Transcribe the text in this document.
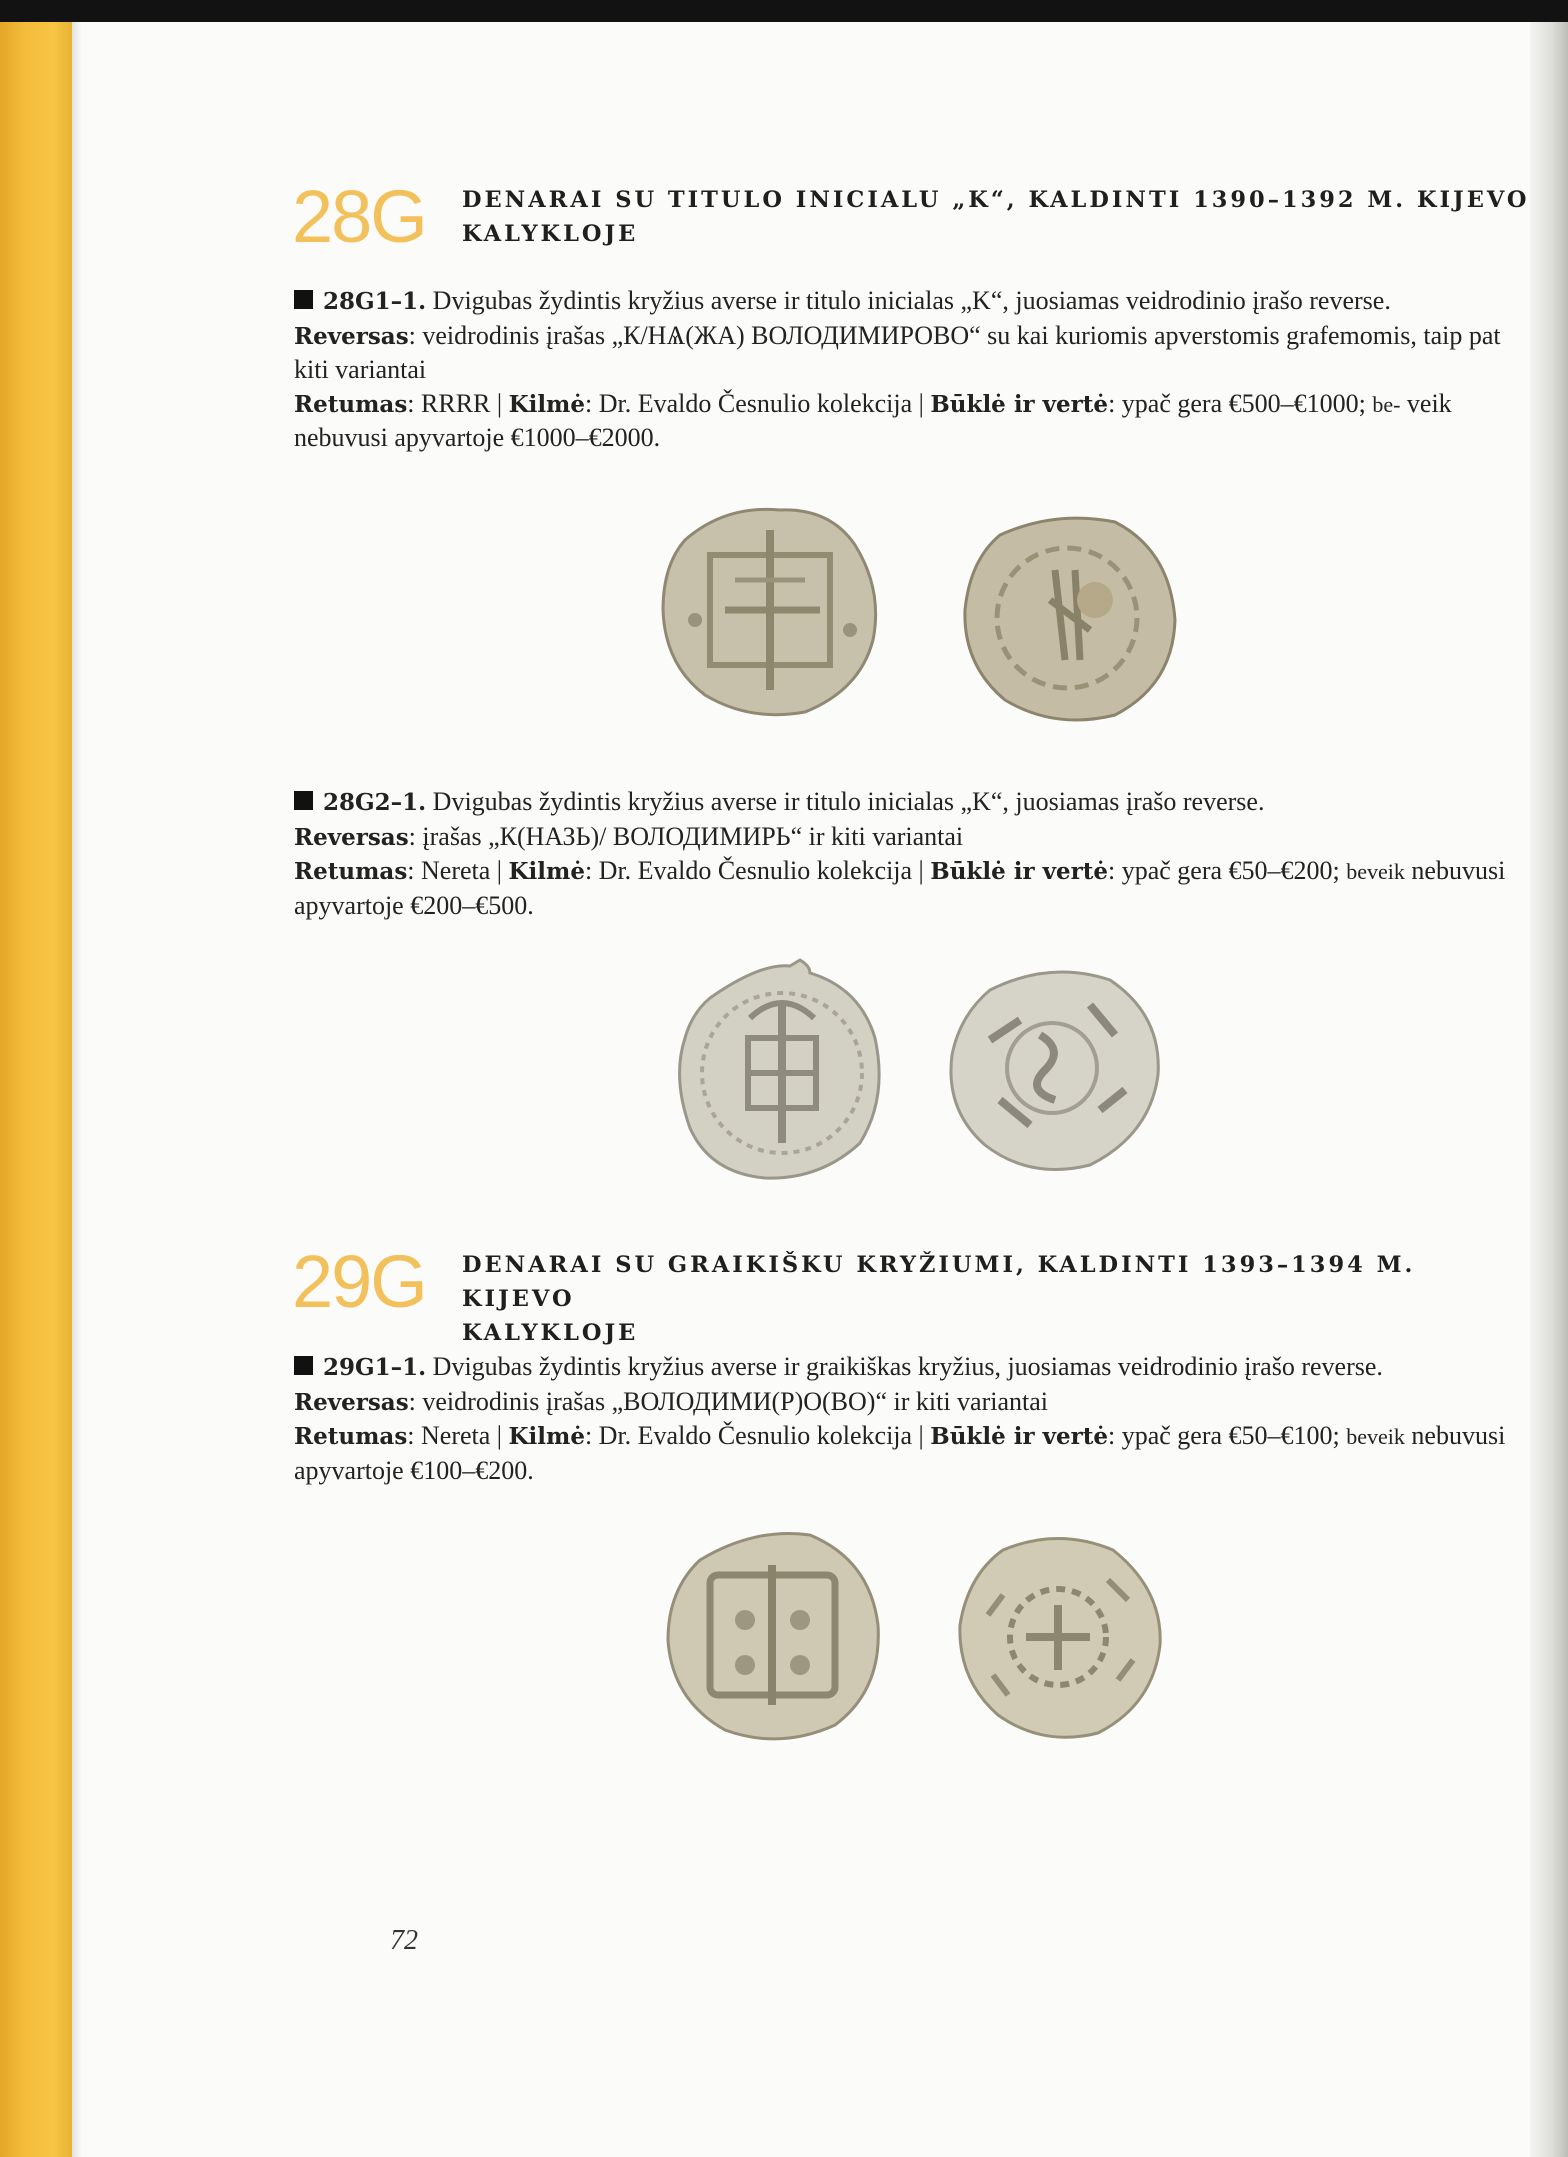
28G DENARAI SU TITULO INICIALU „K“, KALDINTI 1390–1392 M. KIJEVO
KALYKLOJE
28G1–1. Dvigubas žydintis kryžius averse ir titulo inicialas „K“, juosiamas veidrodinio įrašo reverse.
Reversas: veidrodinis įrašas „К/НѦ(ЖА) ВОЛОДИМИРОВО“ su kai kuriomis apverstomis grafemomis, taip pat kiti variantai
Retumas: RRRR | Kilmė: Dr. Evaldo Česnulio kolekcija | Būklė ir vertė: ypač gera €500–€1000; be- veik nebuvusi apyvartoje €1000–€2000.
28G2–1. Dvigubas žydintis kryžius averse ir titulo inicialas „K“, juosiamas įrašo reverse.
Reversas: įrašas „К(НАЗЬ)/ ВОЛОДИМИРЬ“ ir kiti variantai
Retumas: Nereta | Kilmė: Dr. Evaldo Česnulio kolekcija | Būklė ir vertė: ypač gera €50–€200; beveik nebuvusi apyvartoje €200–€500.
29G DENARAI SU GRAIKIŠKU KRYŽIUMI, KALDINTI 1393–1394 M. KIJEVO
KALYKLOJE
29G1–1. Dvigubas žydintis kryžius averse ir graikiškas kryžius, juosiamas veidrodinio įrašo reverse.
Reversas: veidrodinis įrašas „ВОЛОДИМИ(Р)О(ВО)“ ir kiti variantai
Retumas: Nereta | Kilmė: Dr. Evaldo Česnulio kolekcija | Būklė ir vertė: ypač gera €50–€100; beveik nebuvusi apyvartoje €100–€200.
72
